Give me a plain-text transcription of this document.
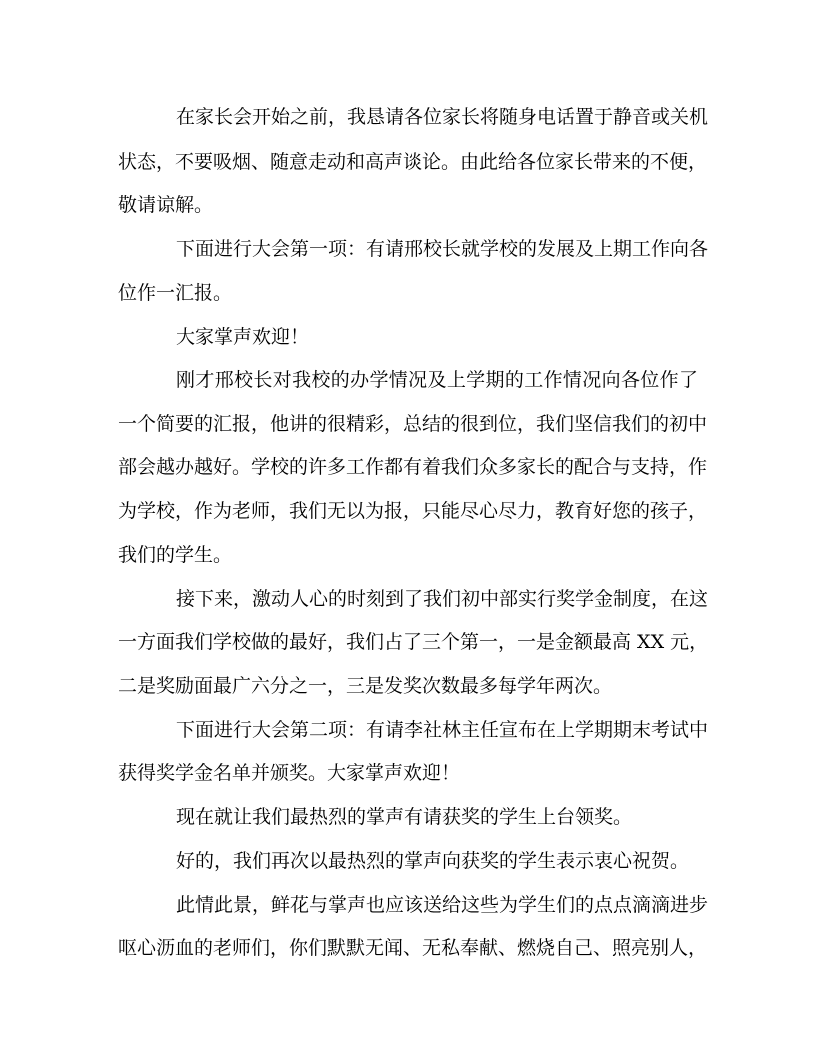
在家长会开始之前，我恳请各位家长将随身电话置于静音或关机
状态，不要吸烟、随意走动和高声谈论。由此给各位家长带来的不便，
敬请谅解。
下面进行大会第一项：有请邢校长就学校的发展及上期工作向各
位作一汇报。
大家掌声欢迎！
刚才邢校长对我校的办学情况及上学期的工作情况向各位作了
一个简要的汇报，他讲的很精彩，总结的很到位，我们坚信我们的初中
部会越办越好。学校的许多工作都有着我们众多家长的配合与支持，作
为学校，作为老师，我们无以为报，只能尽心尽力，教育好您的孩子，
我们的学生。
接下来，激动人心的时刻到了我们初中部实行奖学金制度，在这
一方面我们学校做的最好，我们占了三个第一，一是金额最高 XX 元，
二是奖励面最广六分之一，三是发奖次数最多每学年两次。
下面进行大会第二项：有请李社林主任宣布在上学期期末考试中
获得奖学金名单并颁奖。大家掌声欢迎！
现在就让我们最热烈的掌声有请获奖的学生上台领奖。
好的，我们再次以最热烈的掌声向获奖的学生表示衷心祝贺。
此情此景，鲜花与掌声也应该送给这些为学生们的点点滴滴进步
呕心沥血的老师们，你们默默无闻、无私奉献、燃烧自己、照亮别人，
